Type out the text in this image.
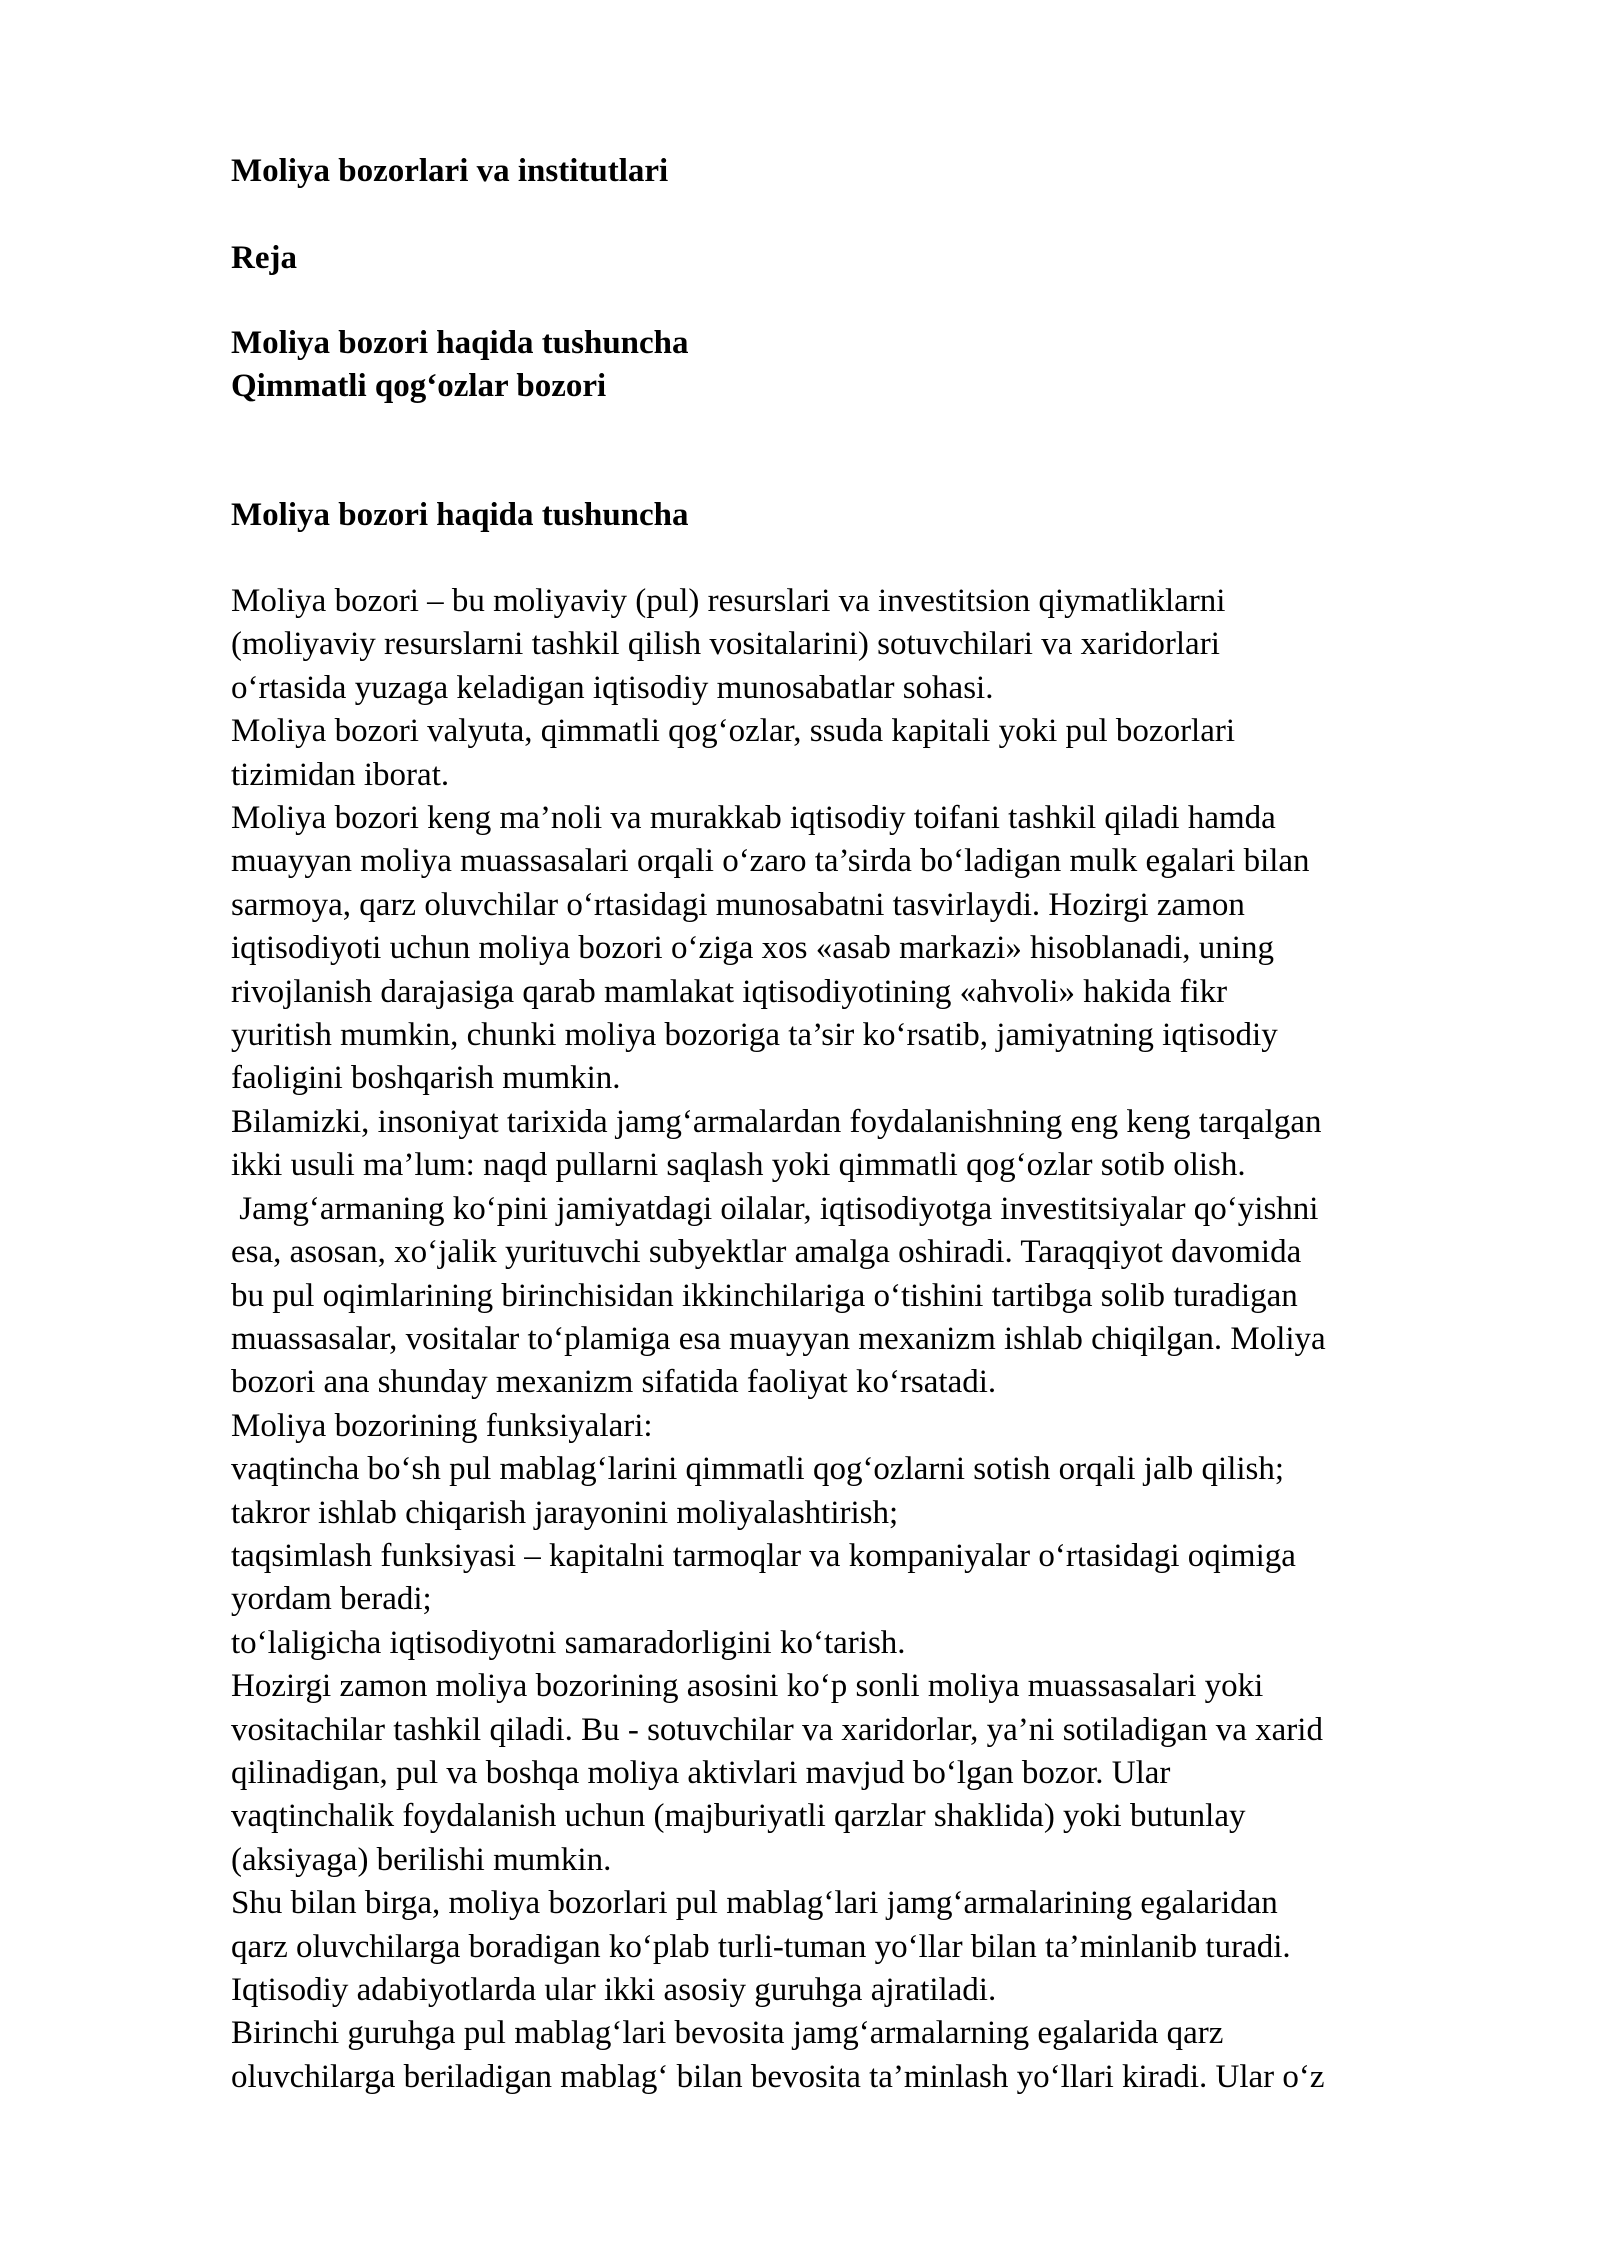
Moliya bozorlari va institutlari
Reja
Moliya bozori haqida tushuncha
Qimmatli qog‘ozlar bozori
Moliya bozori haqida tushuncha
Moliya bozori – bu moliyaviy (pul) resurslari va investitsion qiymatliklarni
(moliyaviy resurslarni tashkil qilish vositalarini) sotuvchilari va xaridorlari
o‘rtasida yuzaga keladigan iqtisodiy munosabatlar sohasi.
Moliya bozori valyuta, qimmatli qog‘ozlar, ssuda kapitali yoki pul bozorlari
tizimidan iborat.
Moliya bozori keng ma’noli va murakkab iqtisodiy toifani tashkil qiladi hamda
muayyan moliya muassasalari orqali o‘zaro ta’sirda bo‘ladigan mulk egalari bilan
sarmoya, qarz oluvchilar o‘rtasidagi munosabatni tasvirlaydi. Hozirgi zamon
iqtisodiyoti uchun moliya bozori o‘ziga xos «asab markazi» hisoblanadi, uning
rivojlanish darajasiga qarab mamlakat iqtisodiyotining «ahvoli» hakida fikr
yuritish mumkin, chunki moliya bozoriga ta’sir ko‘rsatib, jamiyatning iqtisodiy
faoligini boshqarish mumkin.
Bilamizki, insoniyat tarixida jamg‘armalardan foydalanishning eng keng tarqalgan
ikki usuli ma’lum: naqd pullarni saqlash yoki qimmatli qog‘ozlar sotib olish.
Jamg‘armaning ko‘pini jamiyatdagi oilalar, iqtisodiyotga investitsiyalar qo‘yishni
esa, asosan, xo‘jalik yurituvchi subyektlar amalga oshiradi. Taraqqiyot davomida
bu pul oqimlarining birinchisidan ikkinchilariga o‘tishini tartibga solib turadigan
muassasalar, vositalar to‘plamiga esa muayyan mexanizm ishlab chiqilgan. Moliya
bozori ana shunday mexanizm sifatida faoliyat ko‘rsatadi.
Moliya bozorining funksiyalari:
vaqtincha bo‘sh pul mablag‘larini qimmatli qog‘ozlarni sotish orqali jalb qilish;
takror ishlab chiqarish jarayonini moliyalashtirish;
taqsimlash funksiyasi – kapitalni tarmoqlar va kompaniyalar o‘rtasidagi oqimiga
yordam beradi;
to‘laligicha iqtisodiyotni samaradorligini ko‘tarish.
Hozirgi zamon moliya bozorining asosini ko‘p sonli moliya muassasalari yoki
vositachilar tashkil qiladi. Bu - sotuvchilar va xaridorlar, ya’ni sotiladigan va xarid
qilinadigan, pul va boshqa moliya aktivlari mavjud bo‘lgan bozor. Ular
vaqtinchalik foydalanish uchun (majburiyatli qarzlar shaklida) yoki butunlay
(aksiyaga) berilishi mumkin.
Shu bilan birga, moliya bozorlari pul mablag‘lari jamg‘armalarining egalaridan
qarz oluvchilarga boradigan ko‘plab turli-tuman yo‘llar bilan ta’minlanib turadi.
Iqtisodiy adabiyotlarda ular ikki asosiy guruhga ajratiladi.
Birinchi guruhga pul mablag‘lari bevosita jamg‘armalarning egalarida qarz
oluvchilarga beriladigan mablag‘ bilan bevosita ta’minlash yo‘llari kiradi. Ular o‘z
